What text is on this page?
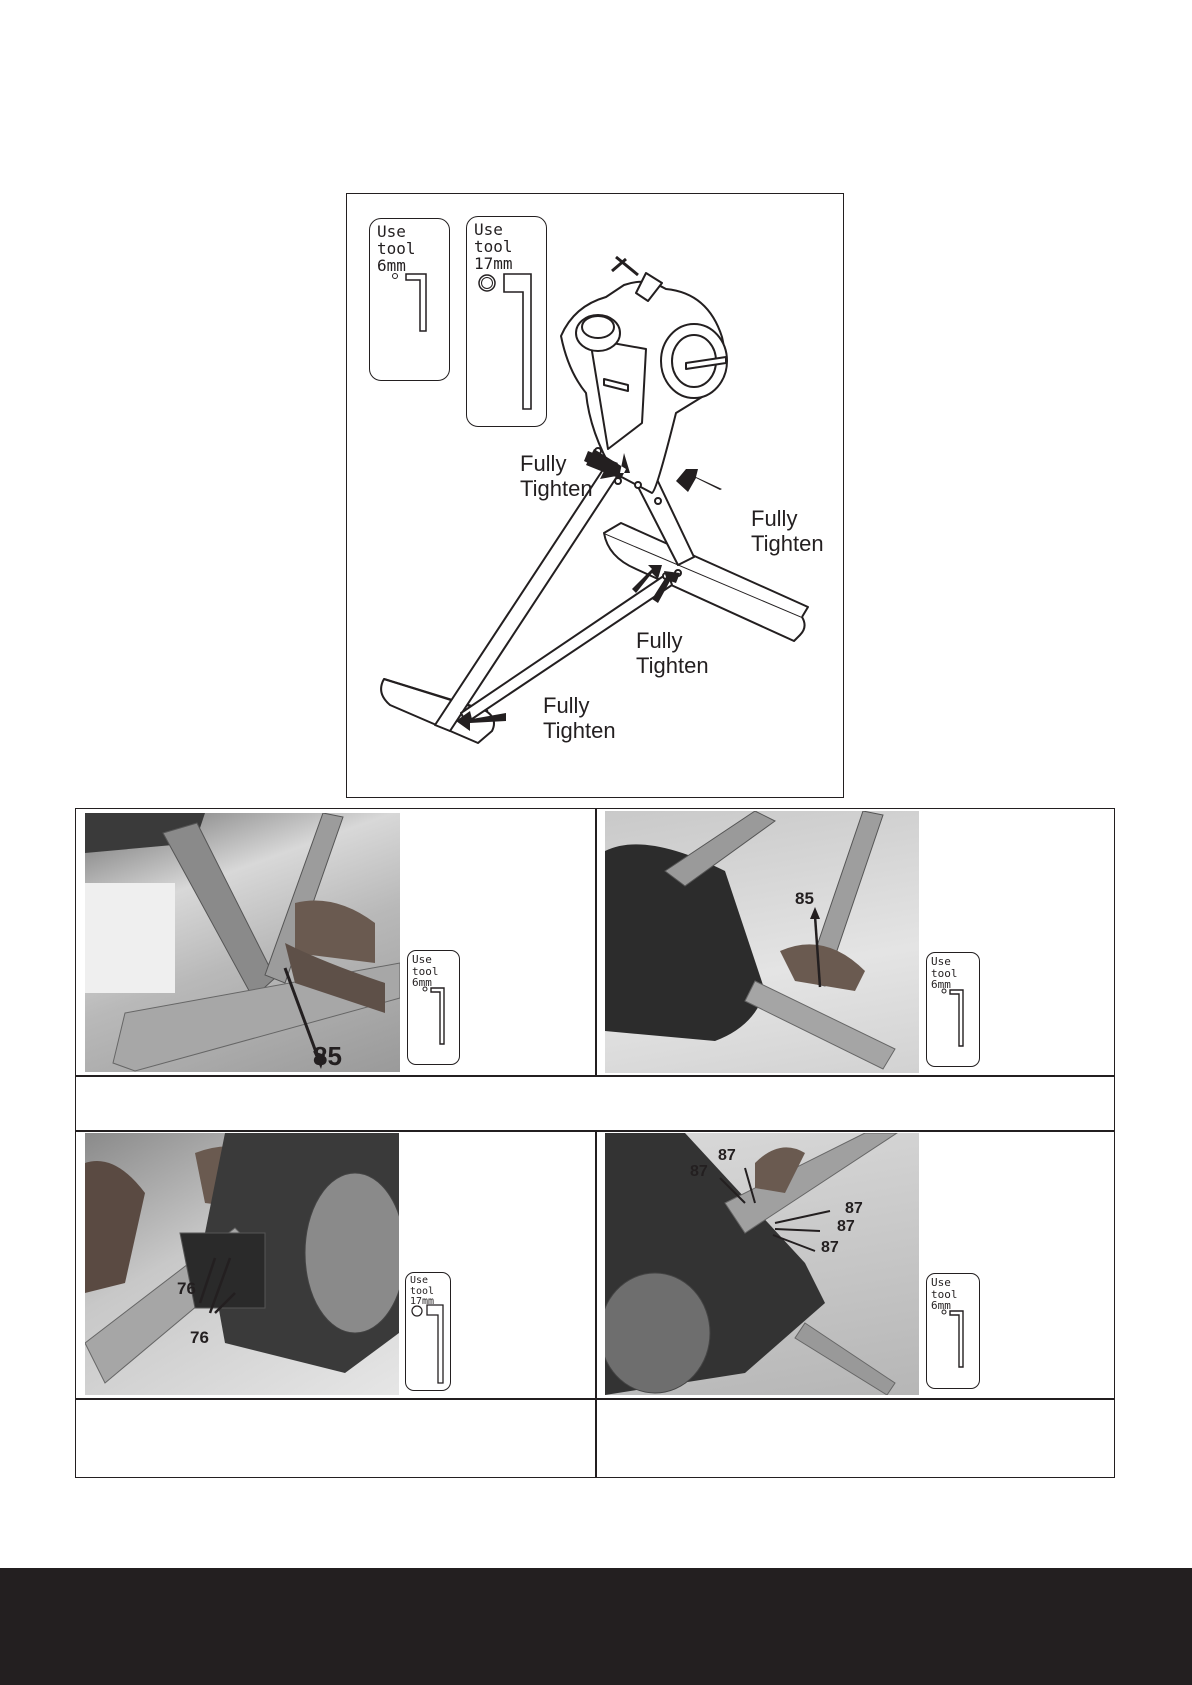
Use tool
6mm
Use tool
17mm
Fully
Tighten
Fully
Tighten
Fully
Tighten
Fully
Tighten
85
Use tool
6mm
85
Use tool
6mm
76
76
Use tool
17mm
87
87
87
87
87
Use tool
6mm
